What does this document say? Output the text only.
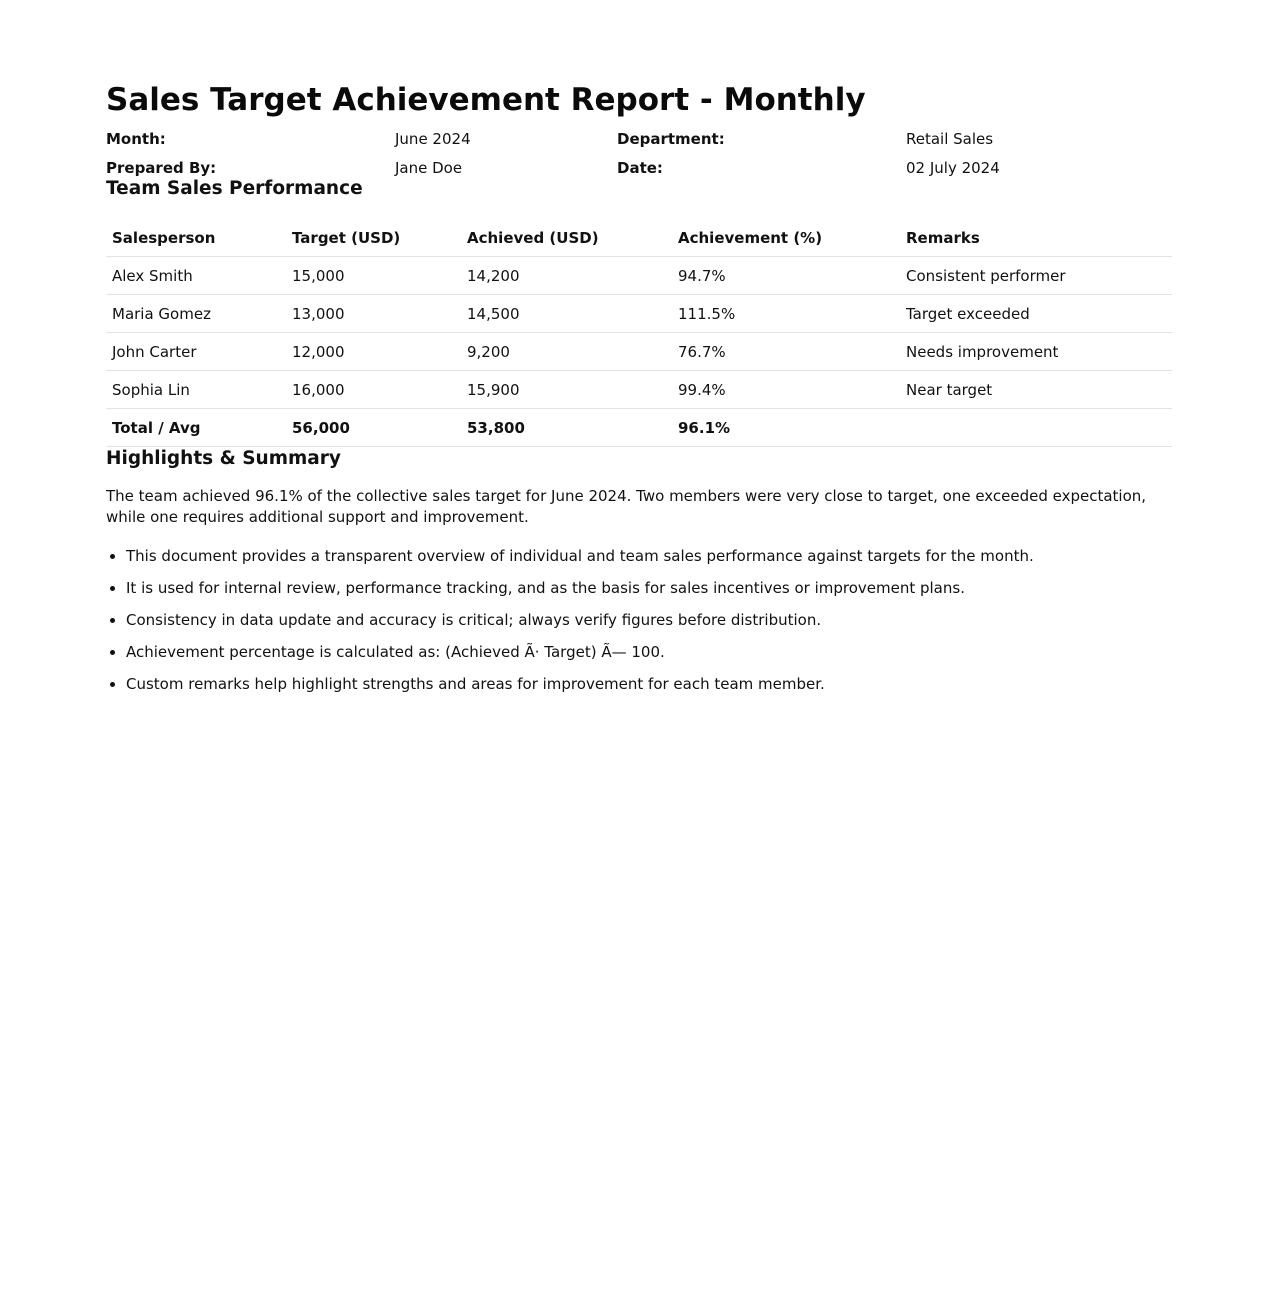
Sales Target Achievement Report - Monthly
Month:	June 2024	Department:	Retail Sales
Prepared By:	Jane Doe	Date:	02 July 2024
Team Sales Performance
Salesperson	Target (USD)	Achieved (USD)	Achievement (%)	Remarks
Alex Smith	15,000	14,200	94.7%	Consistent performer
Maria Gomez	13,000	14,500	111.5%	Target exceeded
John Carter	12,000	9,200	76.7%	Needs improvement
Sophia Lin	16,000	15,900	99.4%	Near target
Total / Avg	56,000	53,800	96.1%	
Highlights & Summary

The team achieved 96.1% of the collective sales target for June 2024. Two members were very close to target, one exceeded expectation, while one requires additional support and improvement.

• This document provides a transparent overview of individual and team sales performance against targets for the month.
• It is used for internal review, performance tracking, and as the basis for sales incentives or improvement plans.
• Consistency in data update and accuracy is critical; always verify figures before distribution.
• Achievement percentage is calculated as: (Achieved Ã· Target) Ã— 100.
• Custom remarks help highlight strengths and areas for improvement for each team member.
